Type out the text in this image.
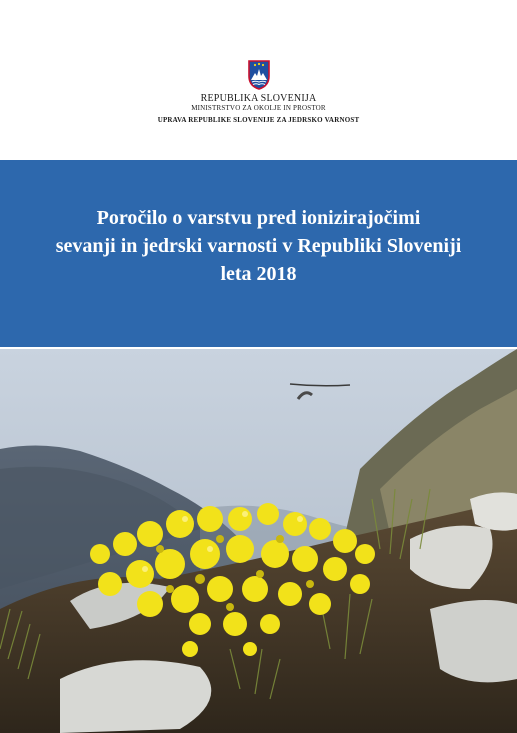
REPUBLIKA SLOVENIJA
MINISTRSTVO ZA OKOLJE IN PROSTOR
UPRAVA REPUBLIKE SLOVENIJE ZA JEDRSKO VARNOST
Poročilo o varstvu pred ionizirajočimi
sevanji in jedrski varnosti v Republiki Sloveniji
leta 2018
